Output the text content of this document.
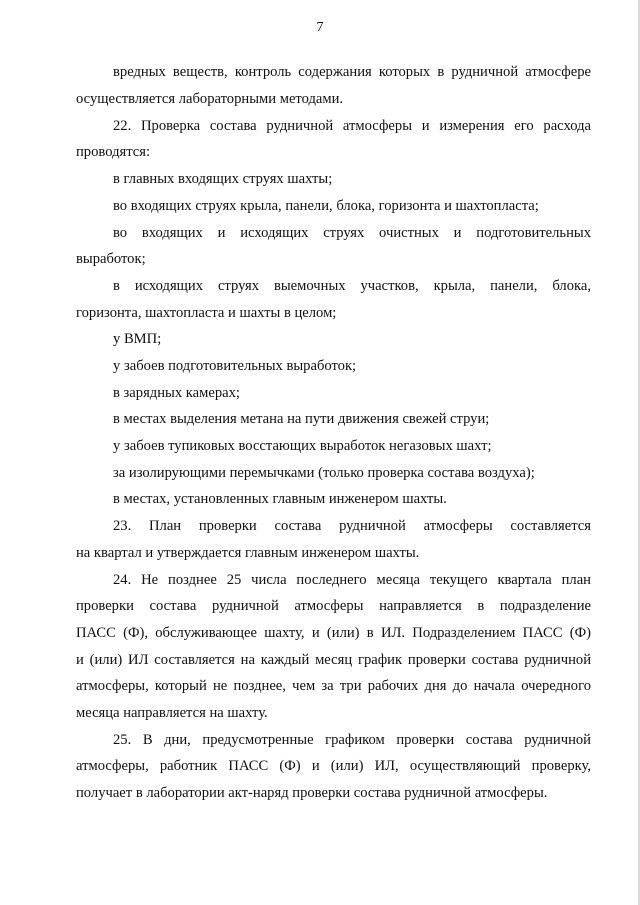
7
вредных веществ, контроль содержания которых в рудничной атмосфере
осуществляется лабораторными методами.
22. Проверка состава рудничной атмосферы и измерения его расхода
проводятся:
в главных входящих струях шахты;
во входящих струях крыла, панели, блока, горизонта и шахтопласта;
во входящих и исходящих струях очистных и подготовительных
выработок;
в исходящих струях выемочных участков, крыла, панели, блока,
горизонта, шахтопласта и шахты в целом;
у ВМП;
у забоев подготовительных выработок;
в зарядных камерах;
в местах выделения метана на пути движения свежей струи;
у забоев тупиковых восстающих выработок негазовых шахт;
за изолирующими перемычками (только проверка состава воздуха);
в местах, установленных главным инженером шахты.
23. План проверки состава рудничной атмосферы составляется
на квартал и утверждается главным инженером шахты.
24. Не позднее 25 числа последнего месяца текущего квартала план
проверки состава рудничной атмосферы направляется в подразделение
ПАСС (Ф), обслуживающее шахту, и (или) в ИЛ. Подразделением ПАСС (Ф)
и (или) ИЛ составляется на каждый месяц график проверки состава рудничной
атмосферы, который не позднее, чем за три рабочих дня до начала очередного
месяца направляется на шахту.
25. В дни, предусмотренные графиком проверки состава рудничной
атмосферы, работник ПАСС (Ф) и (или) ИЛ, осуществляющий проверку,
получает в лаборатории акт-наряд проверки состава рудничной атмосферы.
